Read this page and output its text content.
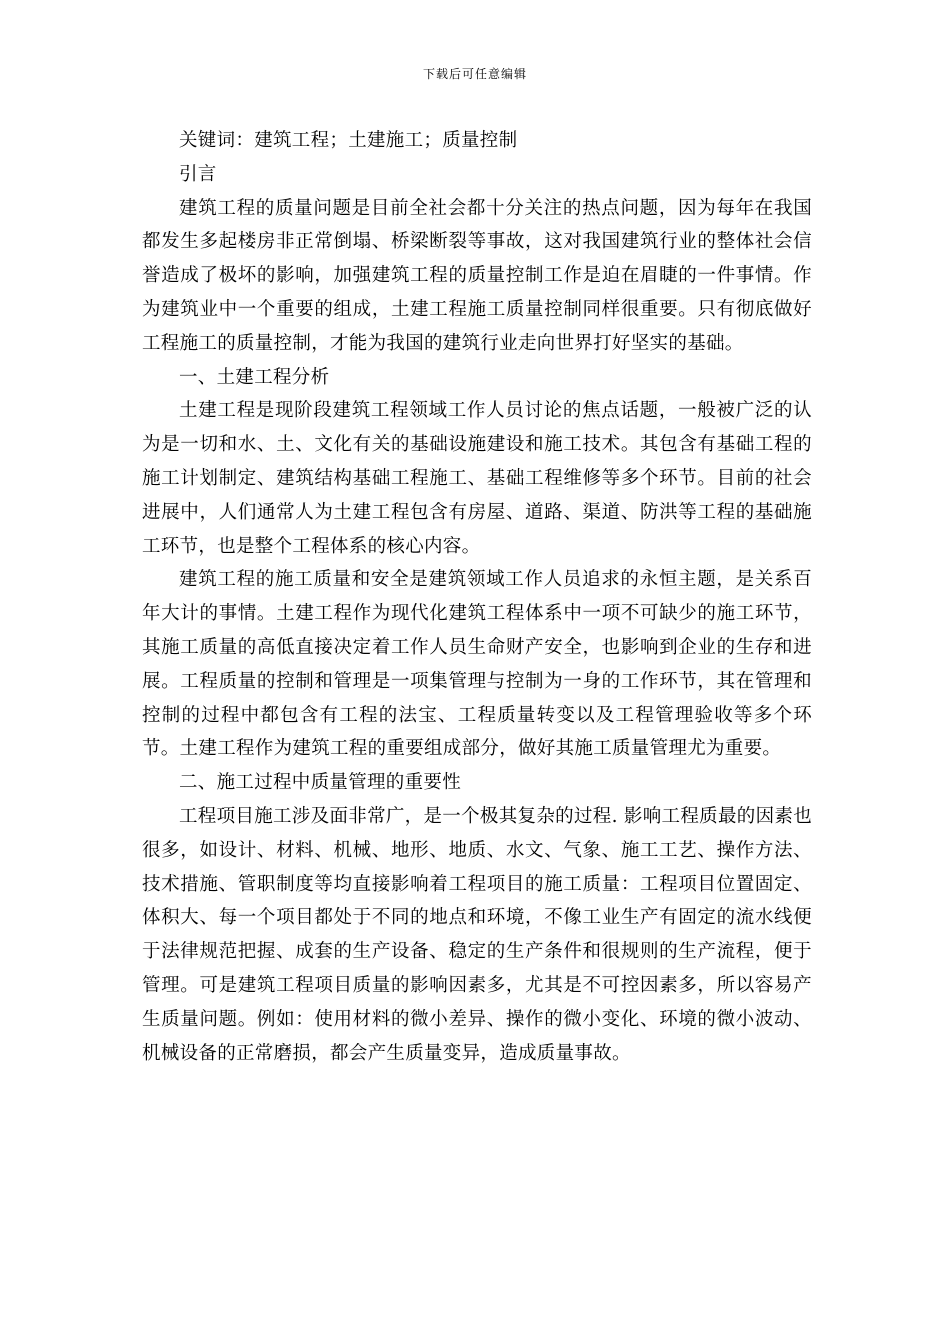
下载后可任意编辑

关键词：建筑工程；土建施工；质量控制

引言

建筑工程的质量问题是目前全社会都十分关注的热点问题，因为每年在我国都发生多起楼房非正常倒塌、桥梁断裂等事故，这对我国建筑行业的整体社会信誉造成了极坏的影响，加强建筑工程的质量控制工作是迫在眉睫的一件事情。作为建筑业中一个重要的组成，土建工程施工质量控制同样很重要。只有彻底做好工程施工的质量控制，才能为我国的建筑行业走向世界打好坚实的基础。

一、土建工程分析

土建工程是现阶段建筑工程领域工作人员讨论的焦点话题，一般被广泛的认为是一切和水、土、文化有关的基础设施建设和施工技术。其包含有基础工程的施工计划制定、建筑结构基础工程施工、基础工程维修等多个环节。目前的社会进展中，人们通常人为土建工程包含有房屋、道路、渠道、防洪等工程的基础施工环节，也是整个工程体系的核心内容。

建筑工程的施工质量和安全是建筑领域工作人员追求的永恒主题，是关系百年大计的事情。土建工程作为现代化建筑工程体系中一项不可缺少的施工环节，其施工质量的高低直接决定着工作人员生命财产安全，也影响到企业的生存和进展。工程质量的控制和管理是一项集管理与控制为一身的工作环节，其在管理和控制的过程中都包含有工程的法宝、工程质量转变以及工程管理验收等多个环节。土建工程作为建筑工程的重要组成部分，做好其施工质量管理尤为重要。

二、施工过程中质量管理的重要性

工程项目施工涉及面非常广，是一个极其复杂的过程. 影响工程质最的因素也很多，如设计、材料、机械、地形、地质、水文、气象、施工工艺、操作方法、技术措施、管职制度等均直接影响着工程项目的施工质量：工程项目位置固定、体积大、每一个项目都处于不同的地点和环境，不像工业生产有固定的流水线便于法律规范把握、成套的生产设备、稳定的生产条件和很规则的生产流程，便于管理。可是建筑工程项目质量的影响因素多，尤其是不可控因素多，所以容易产生质量问题。例如：使用材料的微小差异、操作的微小变化、环境的微小波动、机械设备的正常磨损，都会产生质量变异，造成质量事故。
